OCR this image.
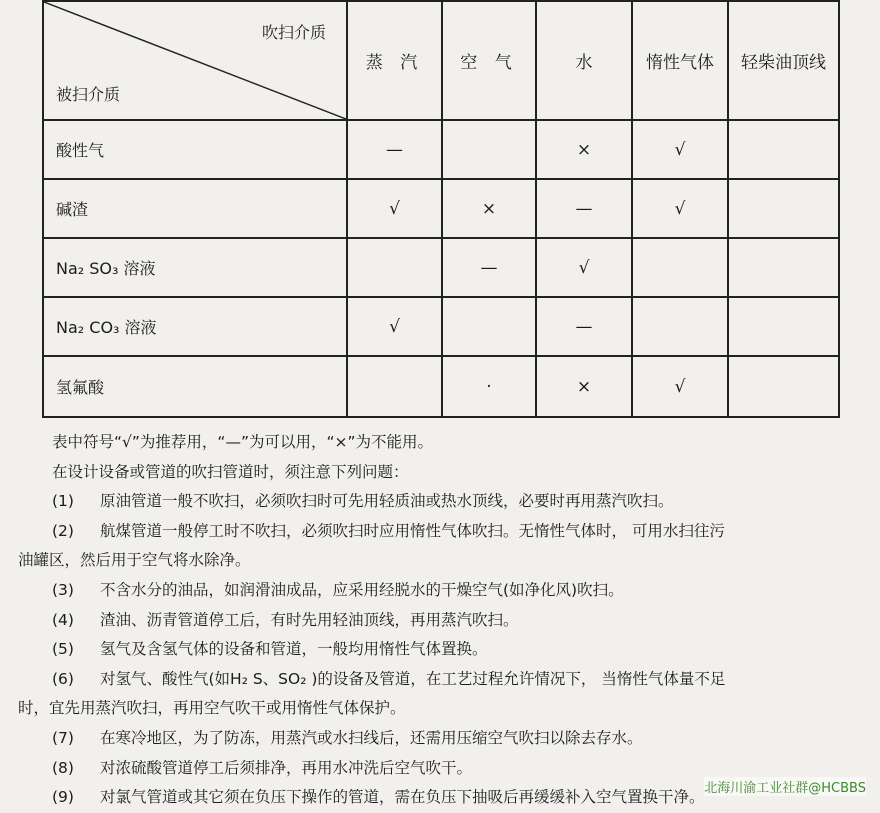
吹扫介质
被扫介质	蒸 汽	空 气	水	惰性气体	轻柴油顶线
酸性气	—		×	√	
碱渣	√	×	—	√	
Na₂ SO₃ 溶液		—	√		
Na₂ CO₃ 溶液	√		—		
氢氟酸		·	×	√	

表中符号“√”为推荐用，“—”为可以用，“×”为不能用。

在设计设备或管道的吹扫管道时，须注意下列问题：

(1) 原油管道一般不吹扫，必须吹扫时可先用轻质油或热水顶线，必要时再用蒸汽吹扫。

(2) 航煤管道一般停工时不吹扫，必须吹扫时应用惰性气体吹扫。无惰性气体时， 可用水扫往污

油罐区，然后用于空气将水除净。

(3) 不含水分的油品，如润滑油成品，应采用经脱水的干燥空气(如净化风)吹扫。

(4) 渣油、沥青管道停工后，有时先用轻油顶线，再用蒸汽吹扫。

(5) 氢气及含氢气体的设备和管道，一般均用惰性气体置换。

(6) 对氢气、酸性气(如H₂ S、SO₂ )的设备及管道，在工艺过程允许情况下， 当惰性气体量不足

时，宜先用蒸汽吹扫，再用空气吹干或用惰性气体保护。

(7) 在寒冷地区，为了防冻，用蒸汽或水扫线后，还需用压缩空气吹扫以除去存水。

(8) 对浓硫酸管道停工后须排净，再用水冲洗后空气吹干。

(9) 对氯气管道或其它须在负压下操作的管道，需在负压下抽吸后再缓缓补入空气置换干净。 北海川渝工业社群@HCBBS
